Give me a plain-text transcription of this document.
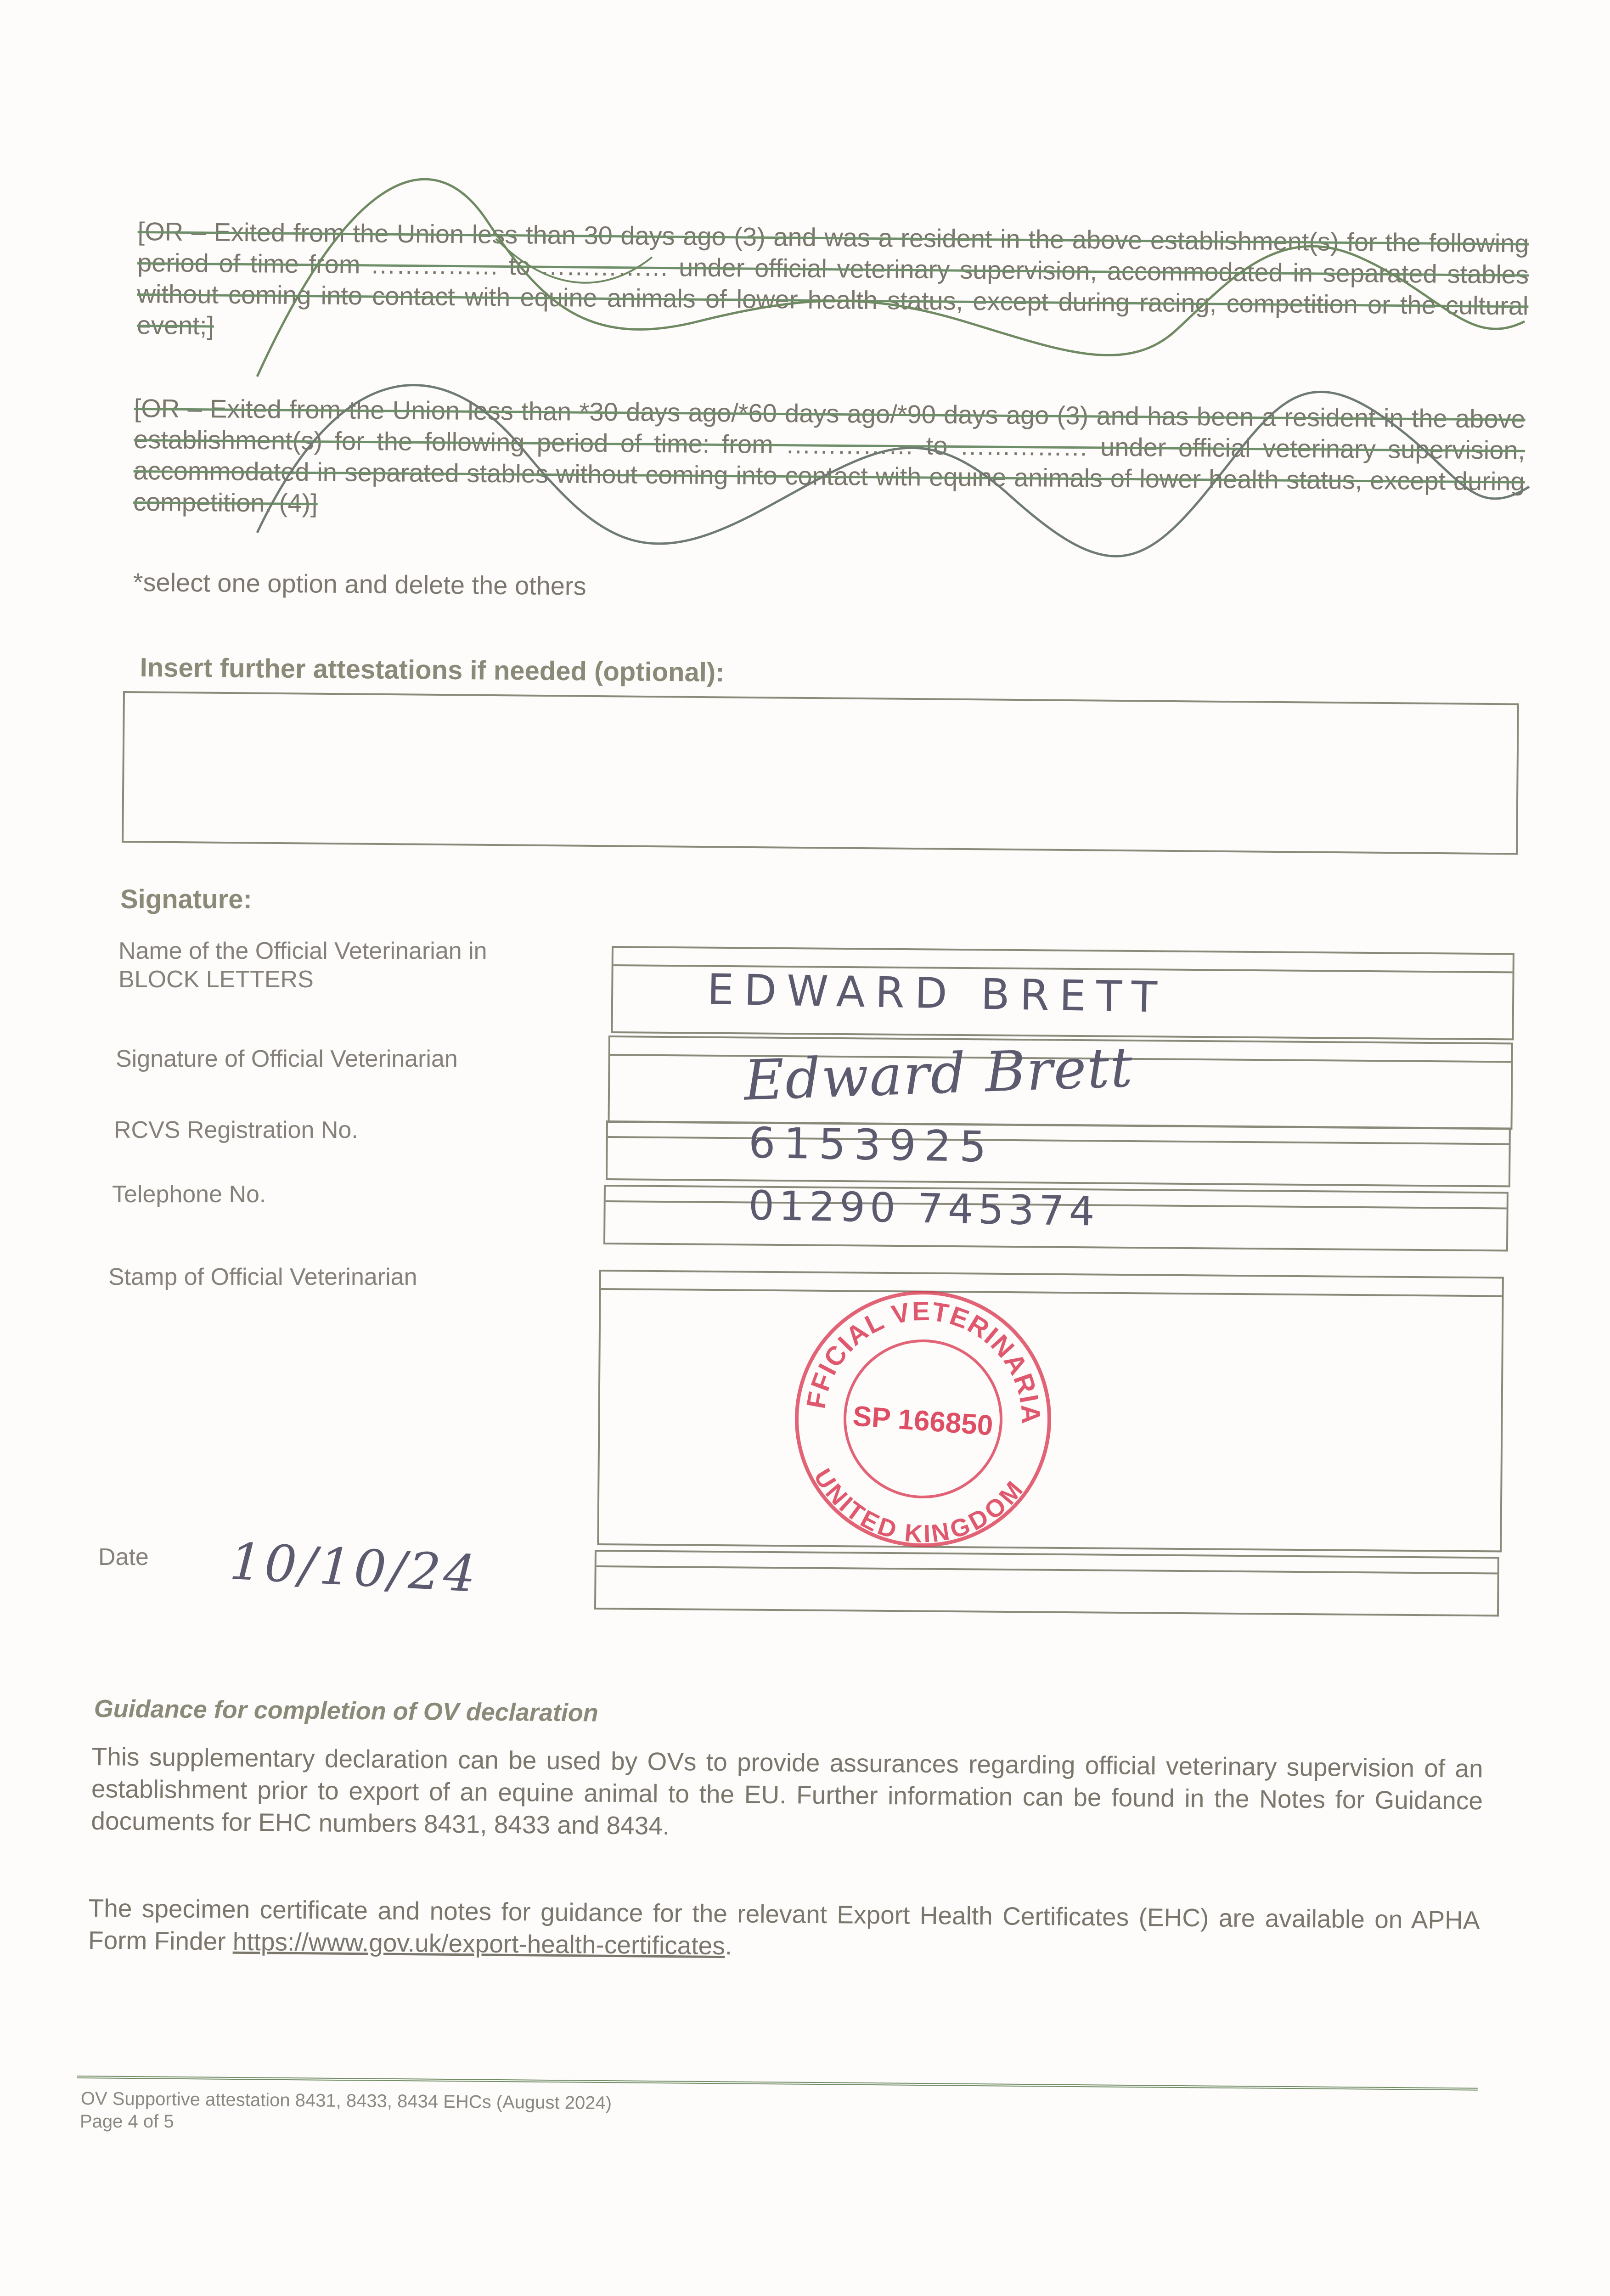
[OR – Exited from the Union less than 30 days ago (3) and was a resident in the above establishment(s) for the following period of time from …………… to …………… under official veterinary supervision, accommodated in separated stables without coming into contact with equine animals of lower health status, except during racing, competition or the cultural event;]
[OR – Exited from the Union less than *30 days ago/*60 days ago/*90 days ago (3) and has been a resident in the above establishment(s) for the following period of time: from …………… to …………… under official veterinary supervision, accommodated in separated stables without coming into contact with equine animals of lower health status, except during competition. (4)]
*select one option and delete the others
Insert further attestations if needed (optional):
Signature:
Name of the Official Veterinarian in BLOCK LETTERS	EDWARD BRETT
Signature of Official Veterinarian	Edward Brett
RCVS Registration No.	6153925
Telephone No.	01290 745374
Stamp of Official Veterinarian
OFFICIAL VETERINARIAN
UNITED KINGDOM
SP 166850
Date 10/10/24
Guidance for completion of OV declaration
This supplementary declaration can be used by OVs to provide assurances regarding official veterinary supervision of an establishment prior to export of an equine animal to the EU. Further information can be found in the Notes for Guidance documents for EHC numbers 8431, 8433 and 8434.
The specimen certificate and notes for guidance for the relevant Export Health Certificates (EHC) are available on APHA Form Finder https://www.gov.uk/export-health-certificates.
OV Supportive attestation 8431, 8433, 8434 EHCs (August 2024)
Page 4 of 5
